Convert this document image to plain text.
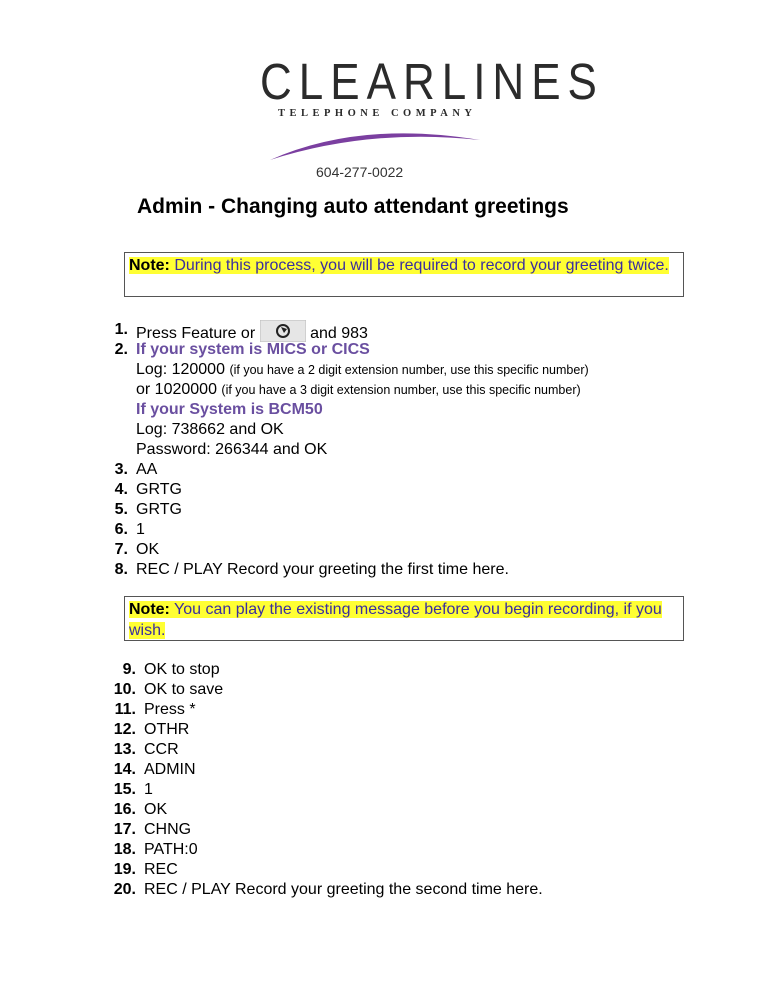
CLEARLINES
TELEPHONE COMPANY
604-277-0022
Admin - Changing auto attendant greetings
Note: During this process, you will be required to record your greeting twice.
1. Press Feature or	and 983
2. If your system is MICS or CICS
Log: 120000 (if you have a 2 digit extension number, use this specific number)
or 1020000 (if you have a 3 digit extension number, use this specific number)
If your System is BCM50
Log: 738662 and OK
Password: 266344 and OK
3. AA
4. GRTG
5. GRTG
6. 1
7. OK
8. REC / PLAY Record your greeting the first time here.
Note: You can play the existing message before you begin recording, if you wish.
9. OK to stop
10. OK to save
11. Press *
12. OTHR
13. CCR
14. ADMIN
15. 1
16. OK
17. CHNG
18. PATH:0
19. REC
20. REC / PLAY Record your greeting the second time here.
